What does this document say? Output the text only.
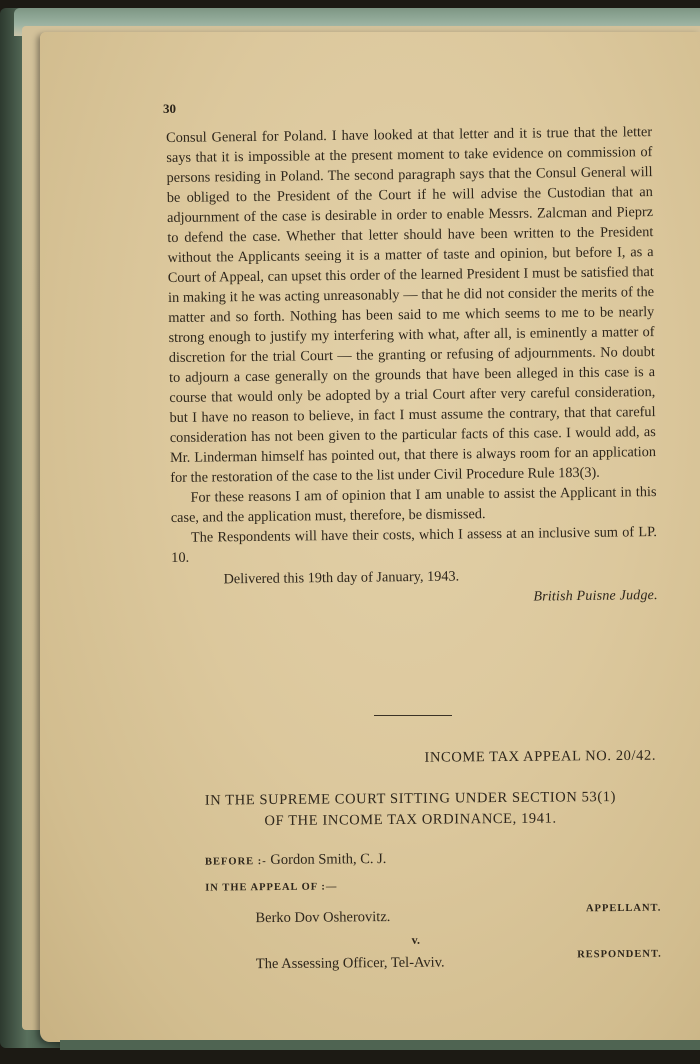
30

Consul General for Poland. I have looked at that letter and it is true that the letter says that it is impossible at the present moment to take evidence on commission of persons residing in Poland. The second paragraph says that the Consul General will be obliged to the President of the Court if he will advise the Custodian that an adjournment of the case is desirable in order to enable Messrs. Zalcman and Pieprz to defend the case. Whether that letter should have been written to the President without the Applicants seeing it is a matter of taste and opinion, but before I, as a Court of Appeal, can upset this order of the learned President I must be satisfied that in making it he was acting unreasonably — that he did not consider the merits of the matter and so forth. Nothing has been said to me which seems to me to be nearly strong enough to justify my interfering with what, after all, is eminently a matter of discretion for the trial Court — the granting or refusing of adjournments. No doubt to adjourn a case generally on the grounds that have been alleged in this case is a course that would only be adopted by a trial Court after very careful consideration, but I have no reason to believe, in fact I must assume the contrary, that that careful consideration has not been given to the particular facts of this case. I would add, as Mr. Linderman himself has pointed out, that there is always room for an application for the restoration of the case to the list under Civil Procedure Rule 183(3).

For these reasons I am of opinion that I am unable to assist the Applicant in this case, and the application must, therefore, be dismissed.

The Respondents will have their costs, which I assess at an inclusive sum of LP. 10.

Delivered this 19th day of January, 1943.
British Puisne Judge.
INCOME TAX APPEAL NO. 20/42.
IN THE SUPREME COURT SITTING UNDER SECTION 53(1)
OF THE INCOME TAX ORDINANCE, 1941.
BEFORE :- Gordon Smith, C. J.
IN THE APPEAL OF :—
Berko Dov Osherovitz.
APPELLANT.
v.
The Assessing Officer, Tel-Aviv.
RESPONDENT.
